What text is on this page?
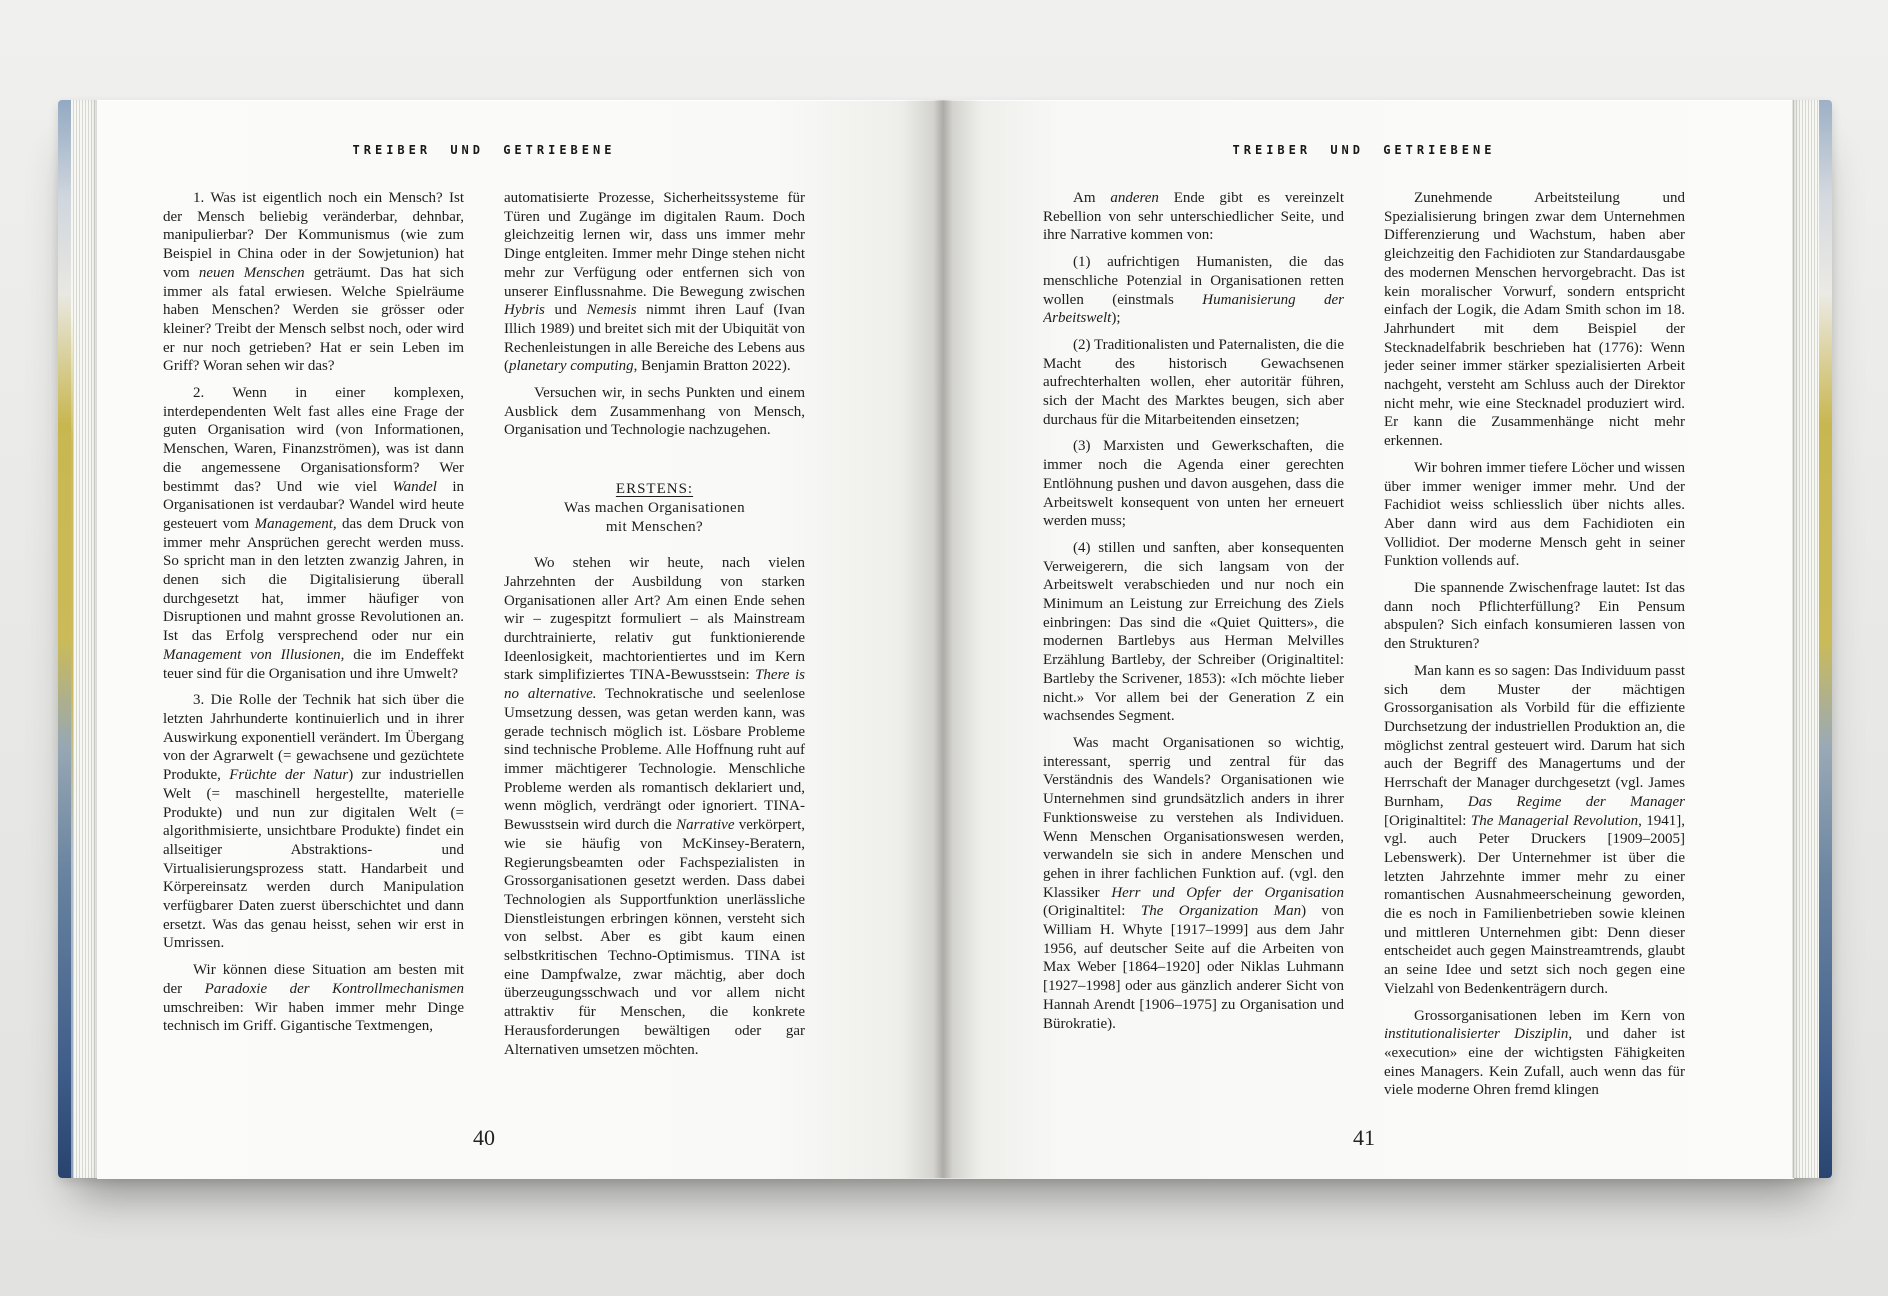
TREIBER UND GETRIEBENE

1. Was ist eigentlich noch ein Mensch? Ist der Mensch beliebig veränderbar, dehnbar, manipulierbar? Der Kommunismus (wie zum Beispiel in China oder in der Sowjetunion) hat vom neuen Menschen geträumt. Das hat sich immer als fatal erwiesen. Welche Spielräume haben Menschen? Werden sie grösser oder kleiner? Treibt der Mensch selbst noch, oder wird er nur noch getrieben? Hat er sein Leben im Griff? Woran sehen wir das?

2. Wenn in einer komplexen, interdependenten Welt fast alles eine Frage der guten Organisation wird (von Informationen, Menschen, Waren, Finanzströmen), was ist dann die angemessene Organisationsform? Wer bestimmt das? Und wie viel Wandel in Organisationen ist verdaubar? Wandel wird heute gesteuert vom Management, das dem Druck von immer mehr Ansprüchen gerecht werden muss. So spricht man in den letzten zwanzig Jahren, in denen sich die Digitalisierung überall durchgesetzt hat, immer häufiger von Disruptionen und mahnt grosse Revolutionen an. Ist das Erfolg versprechend oder nur ein Management von Illusionen, die im Endeffekt teuer sind für die Organisation und ihre Umwelt?

3. Die Rolle der Technik hat sich über die letzten Jahrhunderte kontinuierlich und in ihrer Auswirkung exponentiell verändert. Im Übergang von der Agrarwelt (= gewachsene und gezüchtete Produkte, Früchte der Natur) zur industriellen Welt (= maschinell hergestellte, materielle Produkte) und nun zur digitalen Welt (= algorithmisierte, unsichtbare Produkte) findet ein allseitiger Abstraktions- und Virtualisierungsprozess statt. Handarbeit und Körpereinsatz werden durch Manipulation verfügbarer Daten zuerst überschichtet und dann ersetzt. Was das genau heisst, sehen wir erst in Umrissen.

Wir können diese Situation am besten mit der Paradoxie der Kontrollmechanismen umschreiben: Wir haben immer mehr Dinge technisch im Griff. Gigantische Textmengen,

automatisierte Prozesse, Sicherheitssysteme für Türen und Zugänge im digitalen Raum. Doch gleichzeitig lernen wir, dass uns immer mehr Dinge entgleiten. Immer mehr Dinge stehen nicht mehr zur Verfügung oder entfernen sich von unserer Einflussnahme. Die Bewegung zwischen Hybris und Nemesis nimmt ihren Lauf (Ivan Illich 1989) und breitet sich mit der Ubiquität von Rechenleistungen in alle Bereiche des Lebens aus (planetary computing, Benjamin Bratton 2022).

Versuchen wir, in sechs Punkten und einem Ausblick dem Zusammenhang von Mensch, Organisation und Technologie nachzugehen.

ERSTENS:
Was machen Organisationen
mit Menschen?

Wo stehen wir heute, nach vielen Jahrzehnten der Ausbildung von starken Organisationen aller Art? Am einen Ende sehen wir – zugespitzt formuliert – als Mainstream durchtrainierte, relativ gut funktionierende Ideenlosigkeit, machtorientiertes und im Kern stark simplifiziertes TINA-Bewusstsein: There is no alternative. Technokratische und seelenlose Umsetzung dessen, was getan werden kann, was gerade technisch möglich ist. Lösbare Probleme sind technische Probleme. Alle Hoffnung ruht auf immer mächtigerer Technologie. Menschliche Probleme werden als romantisch deklariert und, wenn möglich, verdrängt oder ignoriert. TINA-Bewusstsein wird durch die Narrative verkörpert, wie sie häufig von McKinsey-Beratern, Regierungsbeamten oder Fachspezialisten in Grossorganisationen gesetzt werden. Dass dabei Technologien als Supportfunktion unerlässliche Dienstleistungen erbringen können, versteht sich von selbst. Aber es gibt kaum einen selbstkritischen Techno-Optimismus. TINA ist eine Dampfwalze, zwar mächtig, aber doch überzeugungsschwach und vor allem nicht attraktiv für Menschen, die konkrete Herausforderungen bewältigen oder gar Alternativen umsetzen möchten.

40
TREIBER UND GETRIEBENE

Am anderen Ende gibt es vereinzelt Rebellion von sehr unterschiedlicher Seite, und ihre Narrative kommen von:

(1) aufrichtigen Humanisten, die das menschliche Potenzial in Organisationen retten wollen (einstmals Humanisierung der Arbeitswelt);

(2) Traditionalisten und Paternalisten, die die Macht des historisch Gewachsenen aufrechterhalten wollen, eher autoritär führen, sich der Macht des Marktes beugen, sich aber durchaus für die Mitarbeitenden einsetzen;

(3) Marxisten und Gewerkschaften, die immer noch die Agenda einer gerechten Entlöhnung pushen und davon ausgehen, dass die Arbeitswelt konsequent von unten her erneuert werden muss;

(4) stillen und sanften, aber konsequenten Verweigerern, die sich langsam von der Arbeitswelt verabschieden und nur noch ein Minimum an Leistung zur Erreichung des Ziels einbringen: Das sind die «Quiet Quitters», die modernen Bartlebys aus Herman Melvilles Erzählung Bartleby, der Schreiber (Originaltitel: Bartleby the Scrivener, 1853): «Ich möchte lieber nicht.» Vor allem bei der Generation Z ein wachsendes Segment.

Was macht Organisationen so wichtig, interessant, sperrig und zentral für das Verständnis des Wandels? Organisationen wie Unternehmen sind grundsätzlich anders in ihrer Funktionsweise zu verstehen als Individuen. Wenn Menschen Organisationswesen werden, verwandeln sie sich in andere Menschen und gehen in ihrer fachlichen Funktion auf. (vgl. den Klassiker Herr und Opfer der Organisation (Originaltitel: The Organization Man) von William H. Whyte [1917–1999] aus dem Jahr 1956, auf deutscher Seite auf die Arbeiten von Max Weber [1864–1920] oder Niklas Luhmann [1927–1998] oder aus gänzlich anderer Sicht von Hannah Arendt [1906–1975] zu Organisation und Bürokratie).

Zunehmende Arbeitsteilung und Spezialisierung bringen zwar dem Unternehmen Differenzierung und Wachstum, haben aber gleichzeitig den Fachidioten zur Standardausgabe des modernen Menschen hervorgebracht. Das ist kein moralischer Vorwurf, sondern entspricht einfach der Logik, die Adam Smith schon im 18. Jahrhundert mit dem Beispiel der Stecknadelfabrik beschrieben hat (1776): Wenn jeder seiner immer stärker spezialisierten Arbeit nachgeht, versteht am Schluss auch der Direktor nicht mehr, wie eine Stecknadel produziert wird. Er kann die Zusammenhänge nicht mehr erkennen.

Wir bohren immer tiefere Löcher und wissen über immer weniger immer mehr. Und der Fachidiot weiss schliesslich über nichts alles. Aber dann wird aus dem Fachidioten ein Vollidiot. Der moderne Mensch geht in seiner Funktion vollends auf.

Die spannende Zwischenfrage lautet: Ist das dann noch Pflichterfüllung? Ein Pensum abspulen? Sich einfach konsumieren lassen von den Strukturen?

Man kann es so sagen: Das Individuum passt sich dem Muster der mächtigen Grossorganisation als Vorbild für die effiziente Durchsetzung der industriellen Produktion an, die möglichst zentral gesteuert wird. Darum hat sich auch der Begriff des Managertums und der Herrschaft der Manager durchgesetzt (vgl. James Burnham, Das Regime der Manager [Originaltitel: The Managerial Revolution, 1941], vgl. auch Peter Druckers [1909–2005] Lebenswerk). Der Unternehmer ist über die letzten Jahrzehnte immer mehr zu einer romantischen Ausnahmeerscheinung geworden, die es noch in Familienbetrieben sowie kleinen und mittleren Unternehmen gibt: Denn dieser entscheidet auch gegen Mainstreamtrends, glaubt an seine Idee und setzt sich noch gegen eine Vielzahl von Bedenkenträgern durch.

Grossorganisationen leben im Kern von institutionalisierter Disziplin, und daher ist «execution» eine der wichtigsten Fähigkeiten eines Managers. Kein Zufall, auch wenn das für viele moderne Ohren fremd klingen

41
